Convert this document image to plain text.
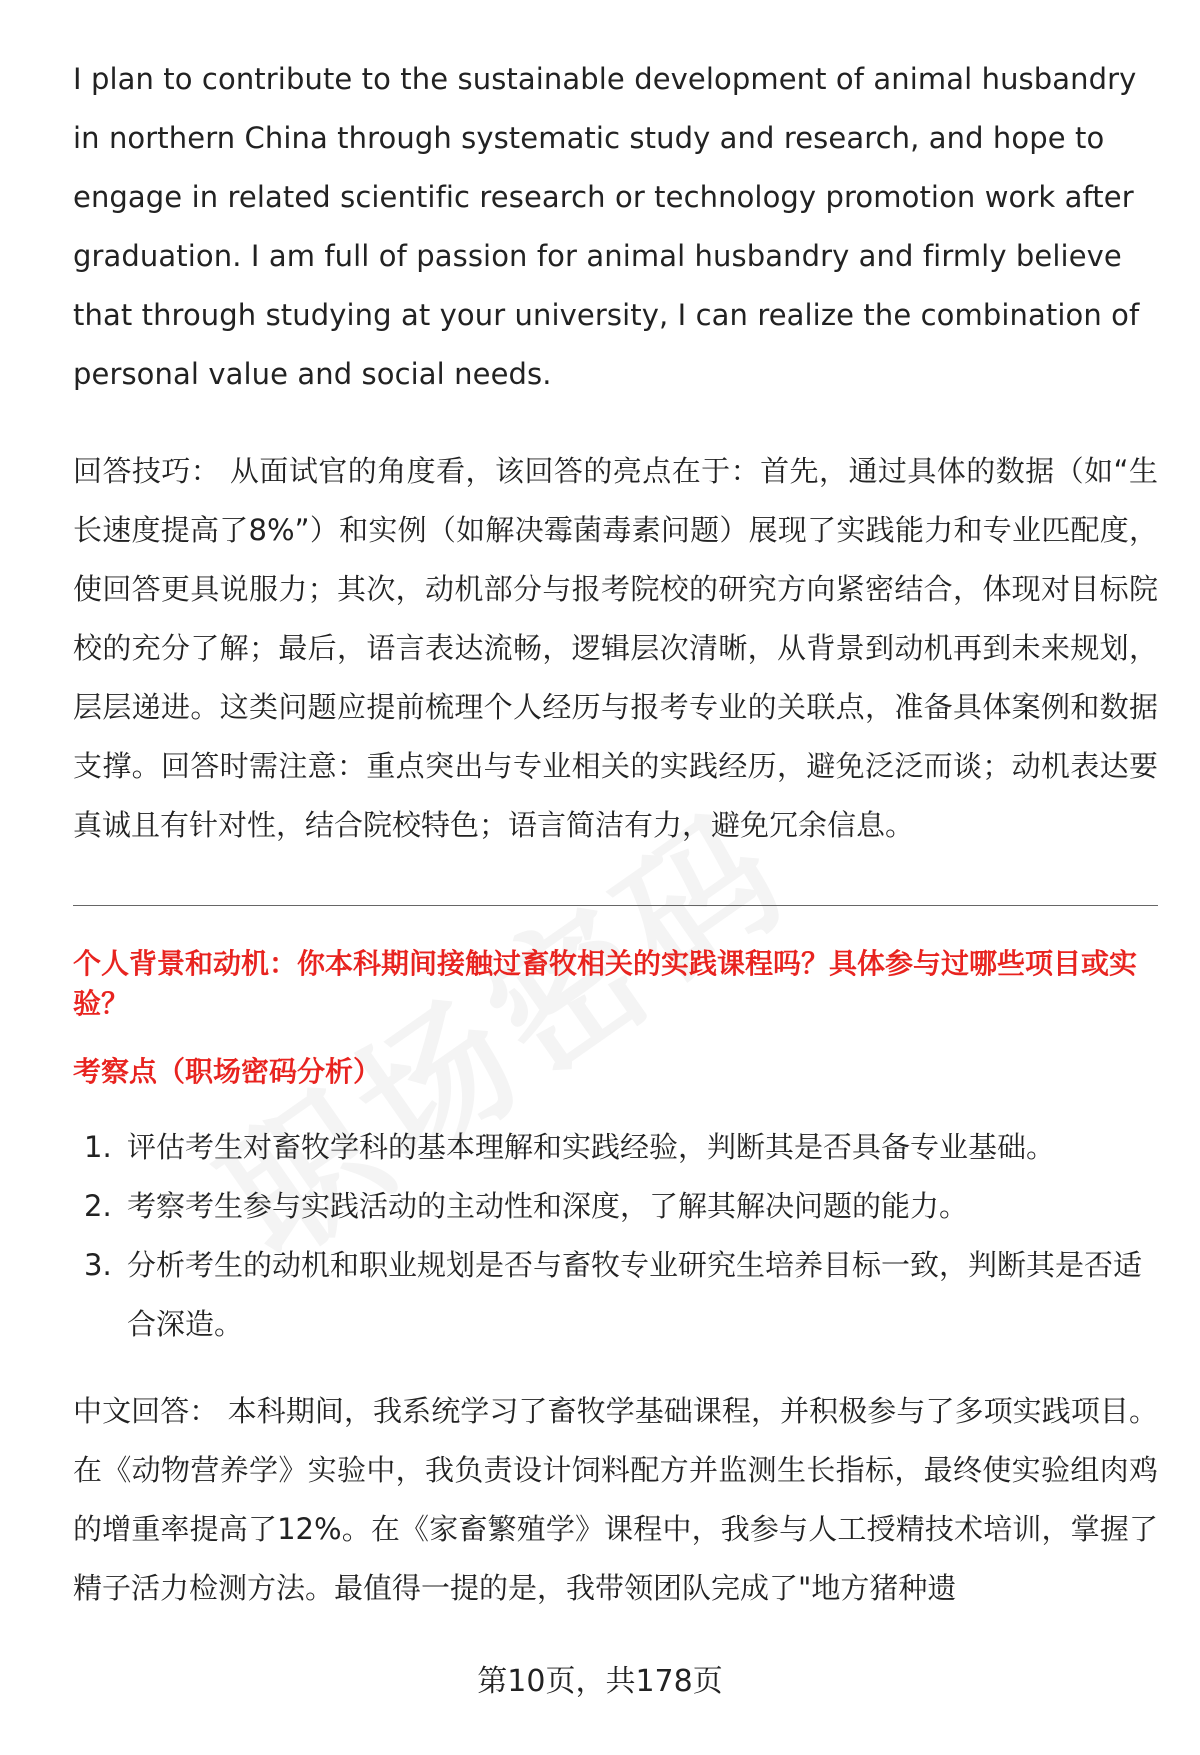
I plan to contribute to the sustainable development of animal husbandry in northern China through systematic study and research, and hope to engage in related scientific research or technology promotion work after graduation. I am full of passion for animal husbandry and firmly believe that through studying at your university, I can realize the combination of personal value and social needs.

回答技巧： 从面试官的角度看，该回答的亮点在于：首先，通过具体的数据（如“生长速度提高了8%”）和实例（如解决霉菌毒素问题）展现了实践能力和专业匹配度，使回答更具说服力；其次，动机部分与报考院校的研究方向紧密结合，体现对目标院校的充分了解；最后，语言表达流畅，逻辑层次清晰，从背景到动机再到未来规划，层层递进。这类问题应提前梳理个人经历与报考专业的关联点，准备具体案例和数据支撑。回答时需注意：重点突出与专业相关的实践经历，避免泛泛而谈；动机表达要真诚且有针对性，结合院校特色；语言简洁有力，避免冗余信息。

个人背景和动机：你本科期间接触过畜牧相关的实践课程吗？具体参与过哪些项目或实验？

考察点（职场密码分析）

1. 评估考生对畜牧学科的基本理解和实践经验，判断其是否具备专业基础。
2. 考察考生参与实践活动的主动性和深度，了解其解决问题的能力。
3. 分析考生的动机和职业规划是否与畜牧专业研究生培养目标一致，判断其是否适合深造。

中文回答： 本科期间，我系统学习了畜牧学基础课程，并积极参与了多项实践项目。在《动物营养学》实验中，我负责设计饲料配方并监测生长指标，最终使实验组肉鸡的增重率提高了12%。在《家畜繁殖学》课程中，我参与人工授精技术培训，掌握了精子活力检测方法。最值得一提的是，我带领团队完成了"地方猪种遗

第10页，共178页
